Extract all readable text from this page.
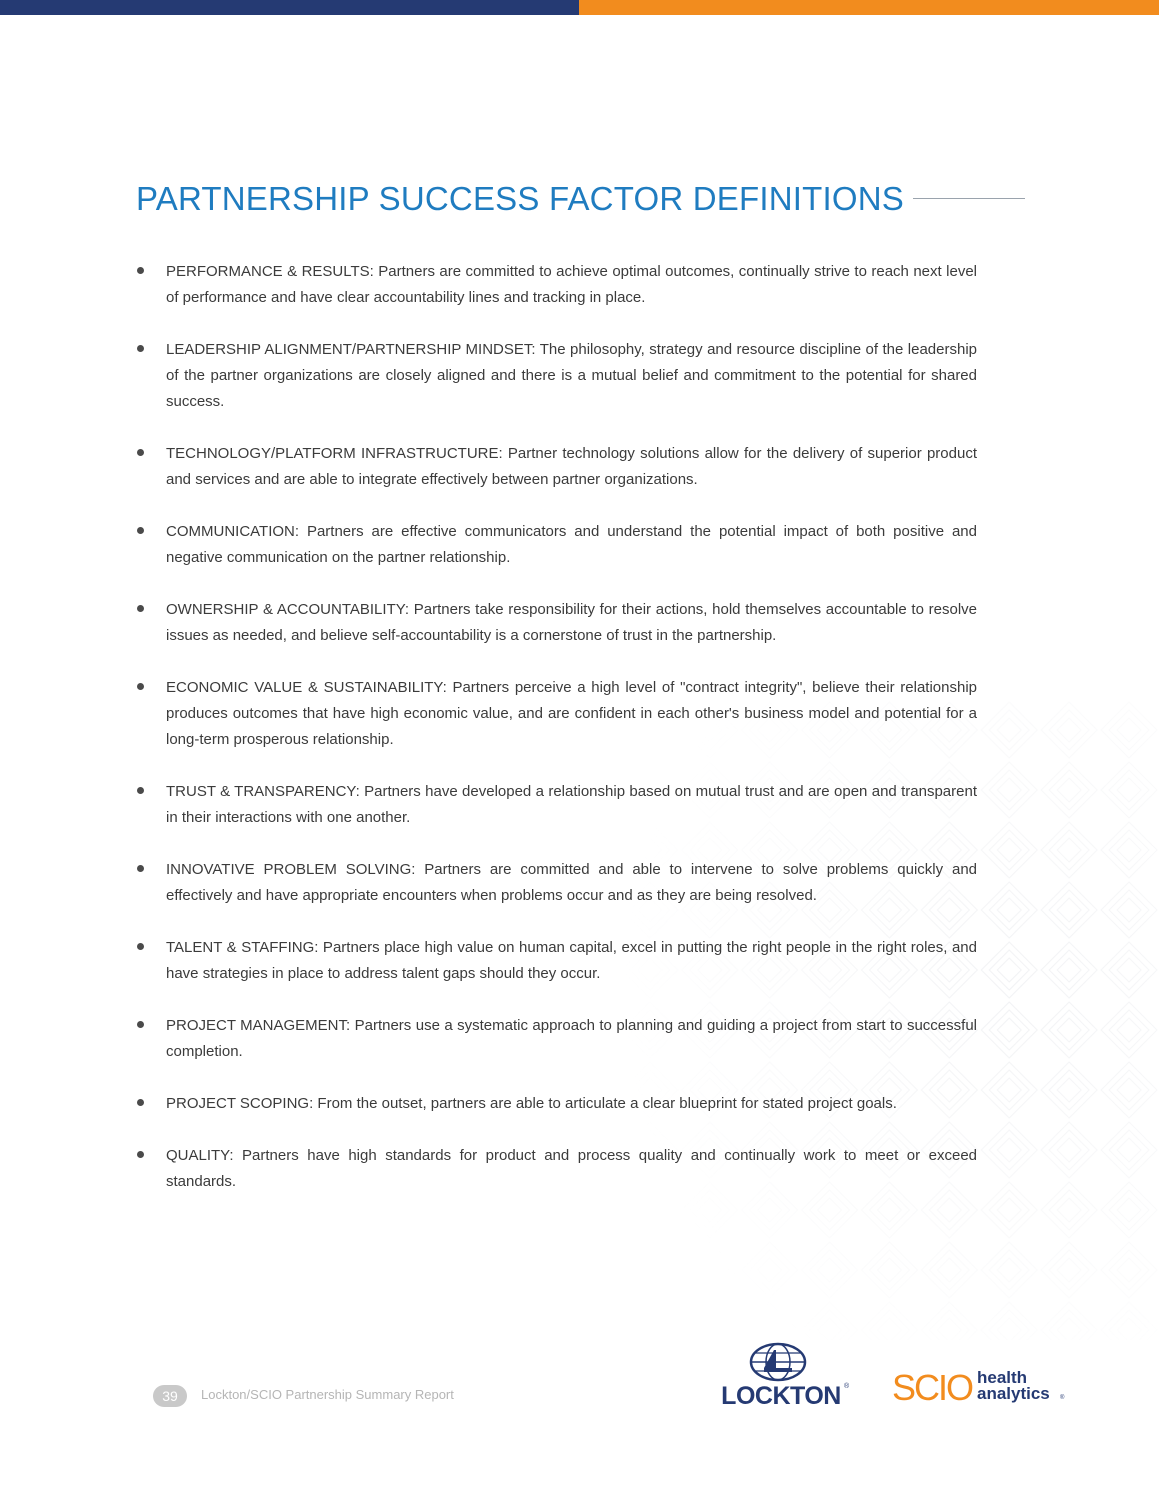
PARTNERSHIP SUCCESS FACTOR DEFINITIONS
PERFORMANCE & RESULTS: Partners are committed to achieve optimal outcomes, continually strive to reach next level of performance and have clear accountability lines and tracking in place.
LEADERSHIP ALIGNMENT/PARTNERSHIP MINDSET: The philosophy, strategy and resource discipline of the leadership of the partner organizations are closely aligned and there is a mutual belief and commitment to the potential for shared success.
TECHNOLOGY/PLATFORM INFRASTRUCTURE: Partner technology solutions allow for the delivery of superior product and services and are able to integrate effectively between partner organizations.
COMMUNICATION: Partners are effective communicators and understand the potential impact of both positive and negative communication on the partner relationship.
OWNERSHIP & ACCOUNTABILITY: Partners take responsibility for their actions, hold themselves accountable to resolve issues as needed, and believe self-accountability is a cornerstone of trust in the partnership.
ECONOMIC VALUE & SUSTAINABILITY: Partners perceive a high level of "contract integrity", believe their relationship produces outcomes that have high economic value, and are confident in each other's business model and potential for a long-term prosperous relationship.
TRUST & TRANSPARENCY: Partners have developed a relationship based on mutual trust and are open and transparent in their interactions with one another.
INNOVATIVE PROBLEM SOLVING: Partners are committed and able to intervene to solve problems quickly and effectively and have appropriate encounters when problems occur and as they are being resolved.
TALENT & STAFFING: Partners place high value on human capital, excel in putting the right people in the right roles, and have strategies in place to address talent gaps should they occur.
PROJECT MANAGEMENT: Partners use a systematic approach to planning and guiding a project from start to successful completion.
PROJECT SCOPING: From the outset, partners are able to articulate a clear blueprint for stated project goals.
QUALITY: Partners have high standards for product and process quality and continually work to meet or exceed standards.
39	Lockton/SCIO Partnership Summary Report	LOCKTON ® SCIO health
analytics ®
